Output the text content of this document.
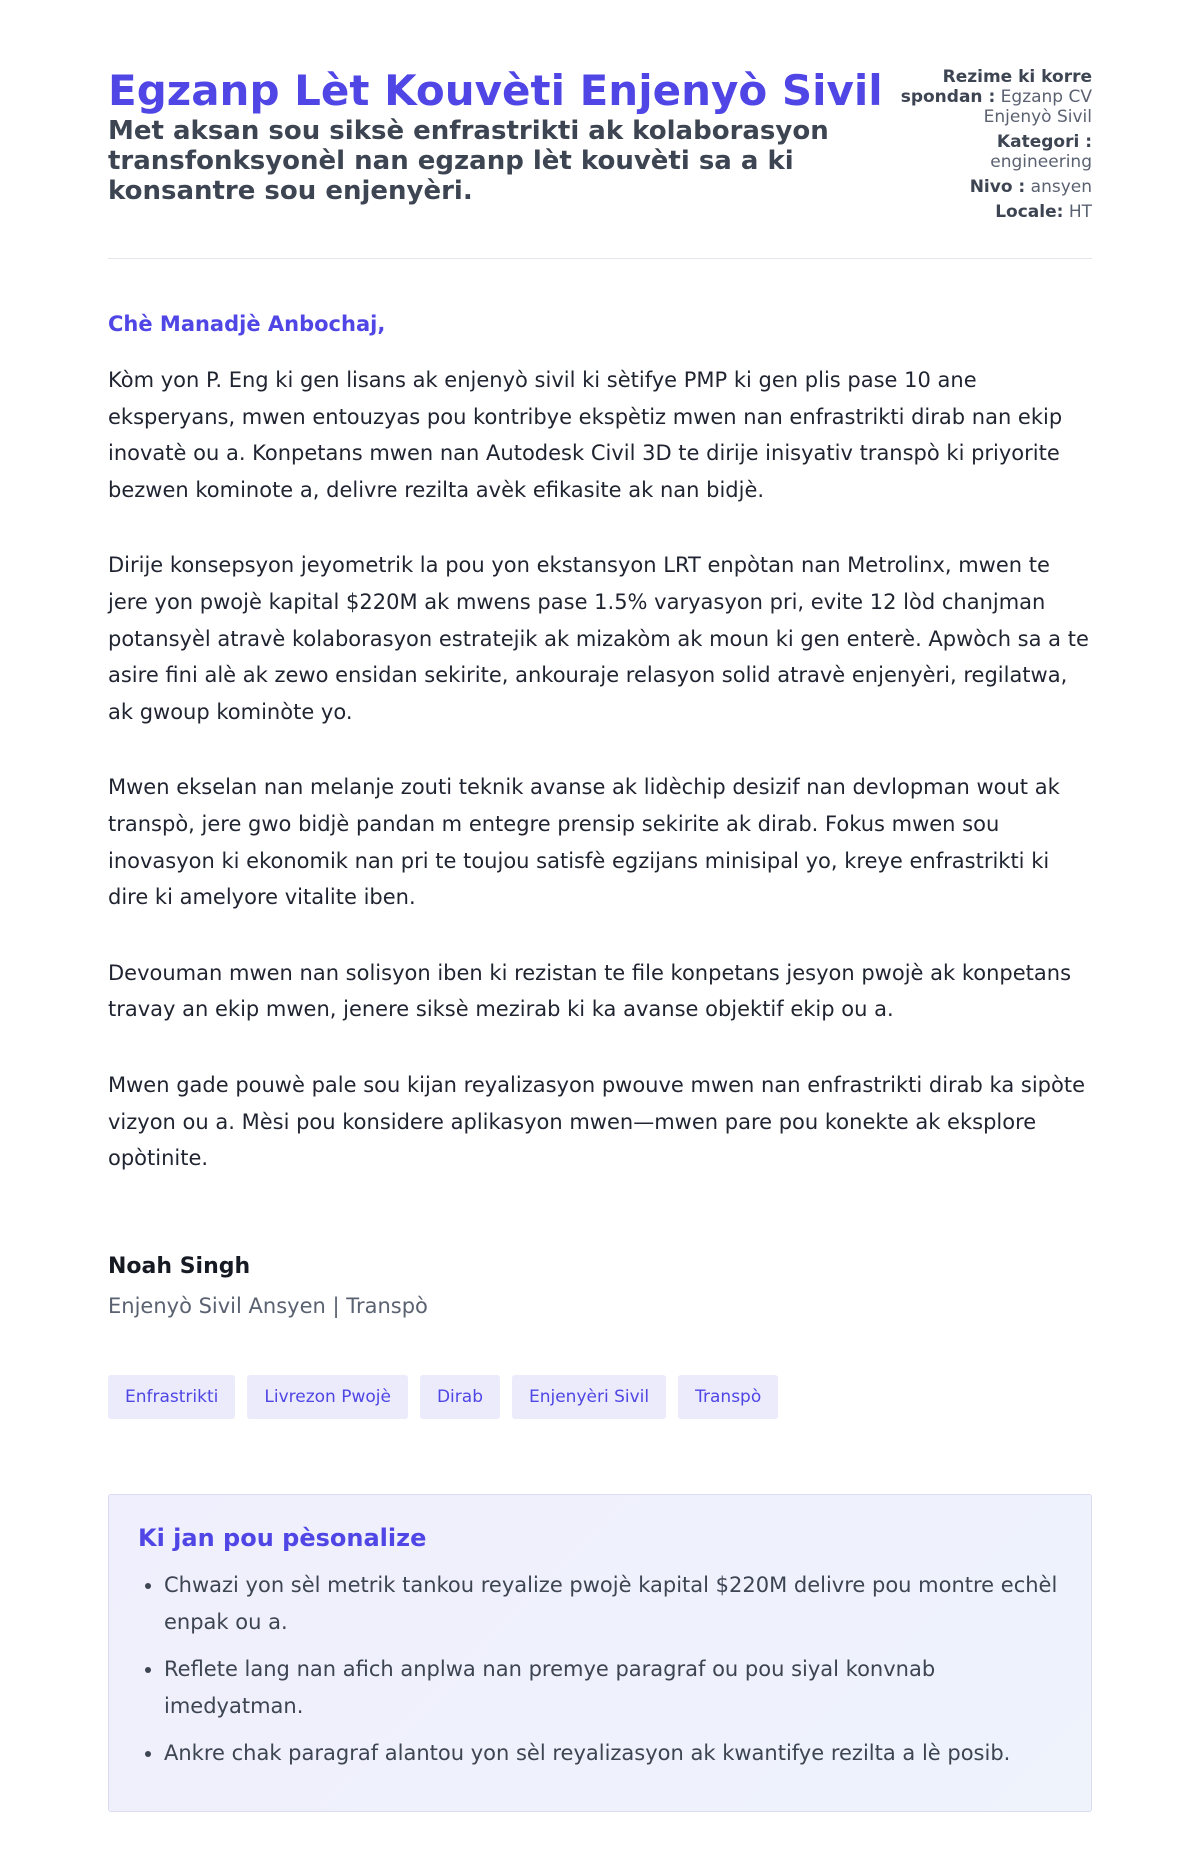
Egzanp Lèt Kouvèti Enjenyò Sivil

Met aksan sou siksè enfrastrikti ak kolaborasyon transfonksyonèl nan egzanp lèt kouvèti sa a ki konsantre sou enjenyèri.

Rezime ki korre spondan : Egzanp CV Enjenyò Sivil
Kategori : engineering
Nivo : ansyen
Locale: HT

Chè Manadjè Anbochaj,

Kòm yon P. Eng ki gen lisans ak enjenyò sivil ki sètifye PMP ki gen plis pase 10 ane eksperyans, mwen entouzyas pou kontribye ekspètiz mwen nan enfrastrikti dirab nan ekip inovatè ou a. Konpetans mwen nan Autodesk Civil 3D te dirije inisyativ transpò ki priyorite bezwen kominote a, delivre rezilta avèk efikasite ak nan bidjè.

Dirije konsepsyon jeyometrik la pou yon ekstansyon LRT enpòtan nan Metrolinx, mwen te jere yon pwojè kapital $220M ak mwens pase 1.5% varyasyon pri, evite 12 lòd chanjman potansyèl atravè kolaborasyon estratejik ak mizakòm ak moun ki gen enterè. Apwòch sa a te asire fini alè ak zewo ensidan sekirite, ankouraje relasyon solid atravè enjenyèri, regilatwa, ak gwoup kominòte yo.

Mwen ekselan nan melanje zouti teknik avanse ak lidèchip desizif nan devlopman wout ak transpò, jere gwo bidjè pandan m entegre prensip sekirite ak dirab. Fokus mwen sou inovasyon ki ekonomik nan pri te toujou satisfè egzijans minisipal yo, kreye enfrastrikti ki dire ki amelyore vitalite iben.

Devouman mwen nan solisyon iben ki rezistan te file konpetans jesyon pwojè ak konpetans travay an ekip mwen, jenere siksè mezirab ki ka avanse objektif ekip ou a.

Mwen gade pouwè pale sou kijan reyalizasyon pwouve mwen nan enfrastrikti dirab ka sipòte vizyon ou a. Mèsi pou konsidere aplikasyon mwen—mwen pare pou konekte ak eksplore opòtinite.

Noah Singh

Enjenyò Sivil Ansyen | Transpò

Enfrastrikti	Livrezon Pwojè	Dirab	Enjenyèri Sivil	Transpò
Ki jan pou pèsonalize
• Chwazi yon sèl metrik tankou reyalize pwojè kapital $220M delivre pou montre echèl enpak ou a.
• Reflete lang nan afich anplwa nan premye paragraf ou pou siyal konvnab imedyatman.
• Ankre chak paragraf alantou yon sèl reyalizasyon ak kwantifye rezilta a lè posib.
